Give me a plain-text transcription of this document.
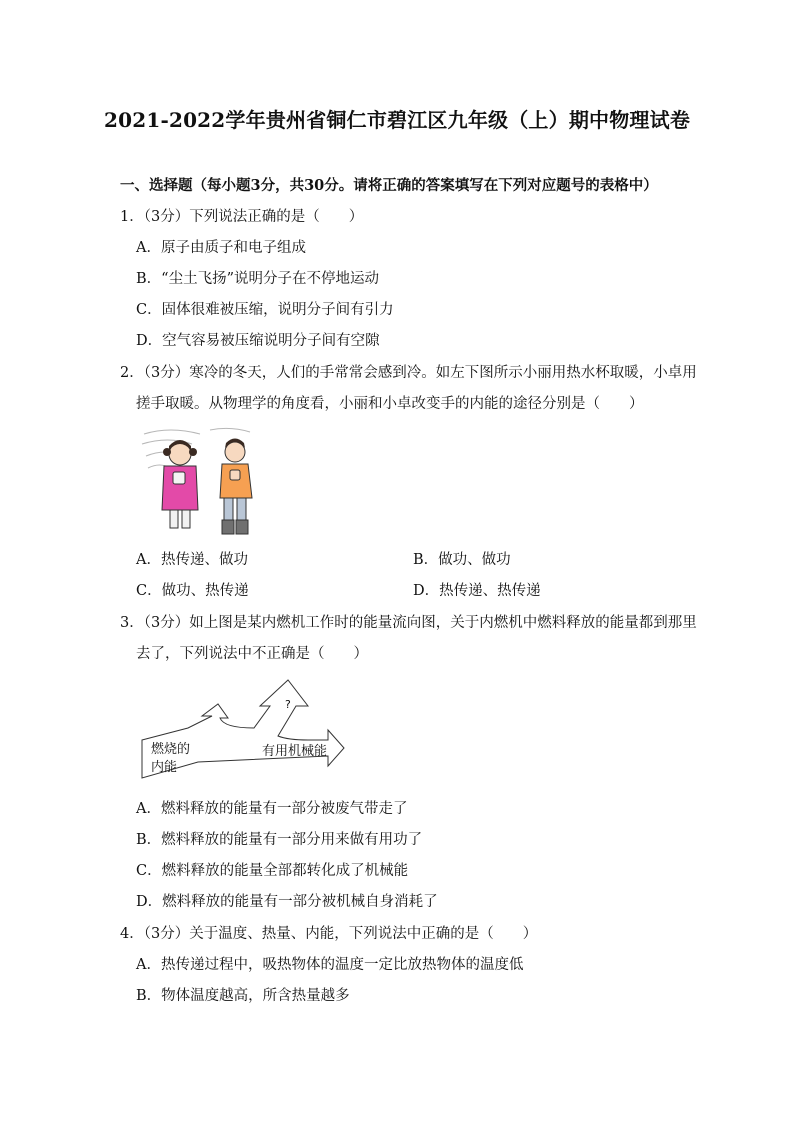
2021-2022学年贵州省铜仁市碧江区九年级（上）期中物理试卷
一、选择题（每小题3分，共30分。请将正确的答案填写在下列对应题号的表格中）
1．（3分）下列说法正确的是（　　）
A．原子由质子和电子组成
B．“尘土飞扬”说明分子在不停地运动
C．固体很难被压缩，说明分子间有引力
D．空气容易被压缩说明分子间有空隙
2．（3分）寒冷的冬天，人们的手常常会感到冷。如左下图所示小丽用热水杯取暖，小卓用
搓手取暖。从物理学的角度看，小丽和小卓改变手的内能的途径分别是（　　）
A．热传递、做功	B．做功、做功
C．做功、热传递	D．热传递、热传递
3．（3分）如上图是某内燃机工作时的能量流向图，关于内燃机中燃料释放的能量都到那里
去了，下列说法中不正确是（　　）
燃烧的
内能
有用机械能
?
A．燃料释放的能量有一部分被废气带走了
B．燃料释放的能量有一部分用来做有用功了
C．燃料释放的能量全部都转化成了机械能
D．燃料释放的能量有一部分被机械自身消耗了
4．（3分）关于温度、热量、内能，下列说法中正确的是（　　）
A．热传递过程中，吸热物体的温度一定比放热物体的温度低
B．物体温度越高，所含热量越多
